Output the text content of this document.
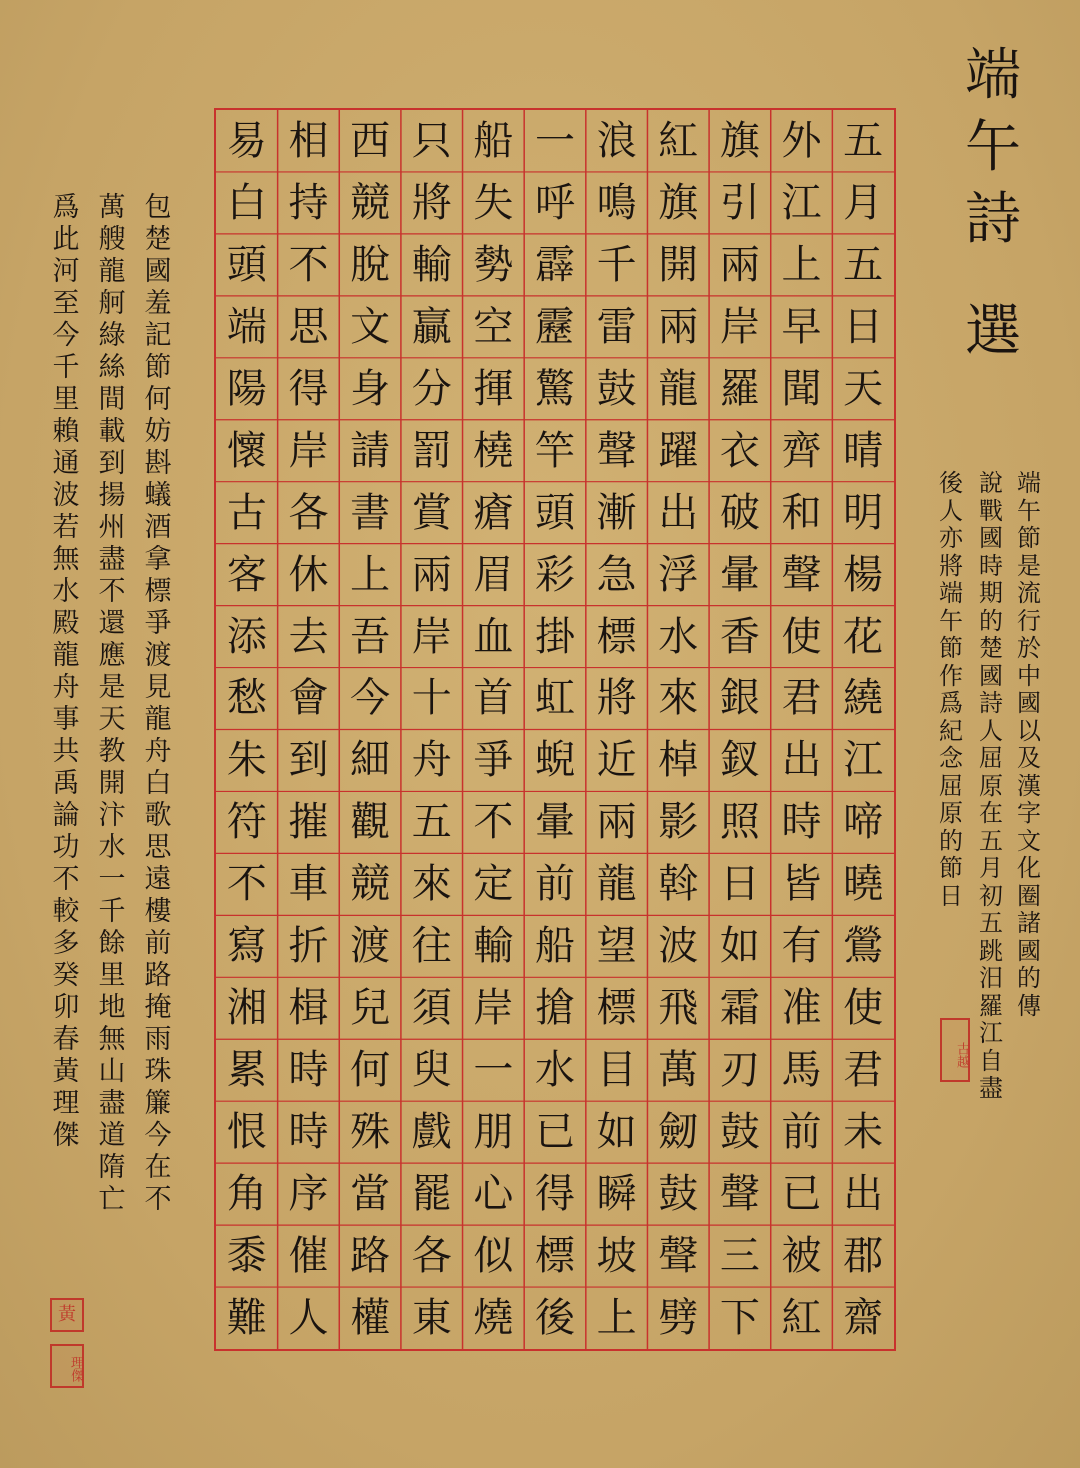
端
午
詩
選
五
月
五
日
天
晴
明
楊
花
繞
江
啼
曉
鶯
使
君
未
出
郡
齋
外
江
上
早
聞
齊
和
聲
使
君
出
時
皆
有
准
馬
前
已
被
紅
旗
引
兩
岸
羅
衣
破
暈
香
銀
釵
照
日
如
霜
刃
鼓
聲
三
下
紅
旗
開
兩
龍
躍
出
浮
水
來
棹
影
斡
波
飛
萬
劒
鼓
聲
劈
浪
鳴
千
雷
鼓
聲
漸
急
標
將
近
兩
龍
望
標
目
如
瞬
坡
上
一
呼
霹
靂
驚
竿
頭
彩
掛
虹
蜺
暈
前
船
搶
水
已
得
標
後
船
失
勢
空
揮
橈
瘡
眉
血
首
爭
不
定
輸
岸
一
朋
心
似
燒
只
將
輸
贏
分
罰
賞
兩
岸
十
舟
五
來
往
須
臾
戲
罷
各
東
西
競
脫
文
身
請
書
上
吾
今
細
觀
競
渡
兒
何
殊
當
路
權
相
持
不
思
得
岸
各
休
去
會
到
摧
車
折
楫
時
時
序
催
人
易
白
頭
端
陽
懷
古
客
添
愁
朱
符
不
寫
湘
累
恨
角
黍
難
端
午
節
是
流
行
於
中
國
以
及
漢
字
文
化
圈
諸
國
的
傳
說
戰
國
時
期
的
楚
國
詩
人
屈
原
在
五
月
初
五
跳
汨
羅
江
自
盡
後
人
亦
將
端
午
節
作
爲
紀
念
屈
原
的
節
日
包
楚
國
羞
記
節
何
妨
斟
蟻
酒
拿
標
爭
渡
見
龍
舟
白
歌
思
遠
樓
前
路
掩
雨
珠
簾
今
在
不
萬
艘
龍
舸
綠
絲
間
載
到
揚
州
盡
不
還
應
是
天
教
開
汴
水
一
千
餘
里
地
無
山
盡
道
隋
亡
爲
此
河
至
今
千
里
賴
通
波
若
無
水
殿
龍
舟
事
共
禹
論
功
不
較
多
癸
卯
春
黃
理
傑
古越
黃
理傑
